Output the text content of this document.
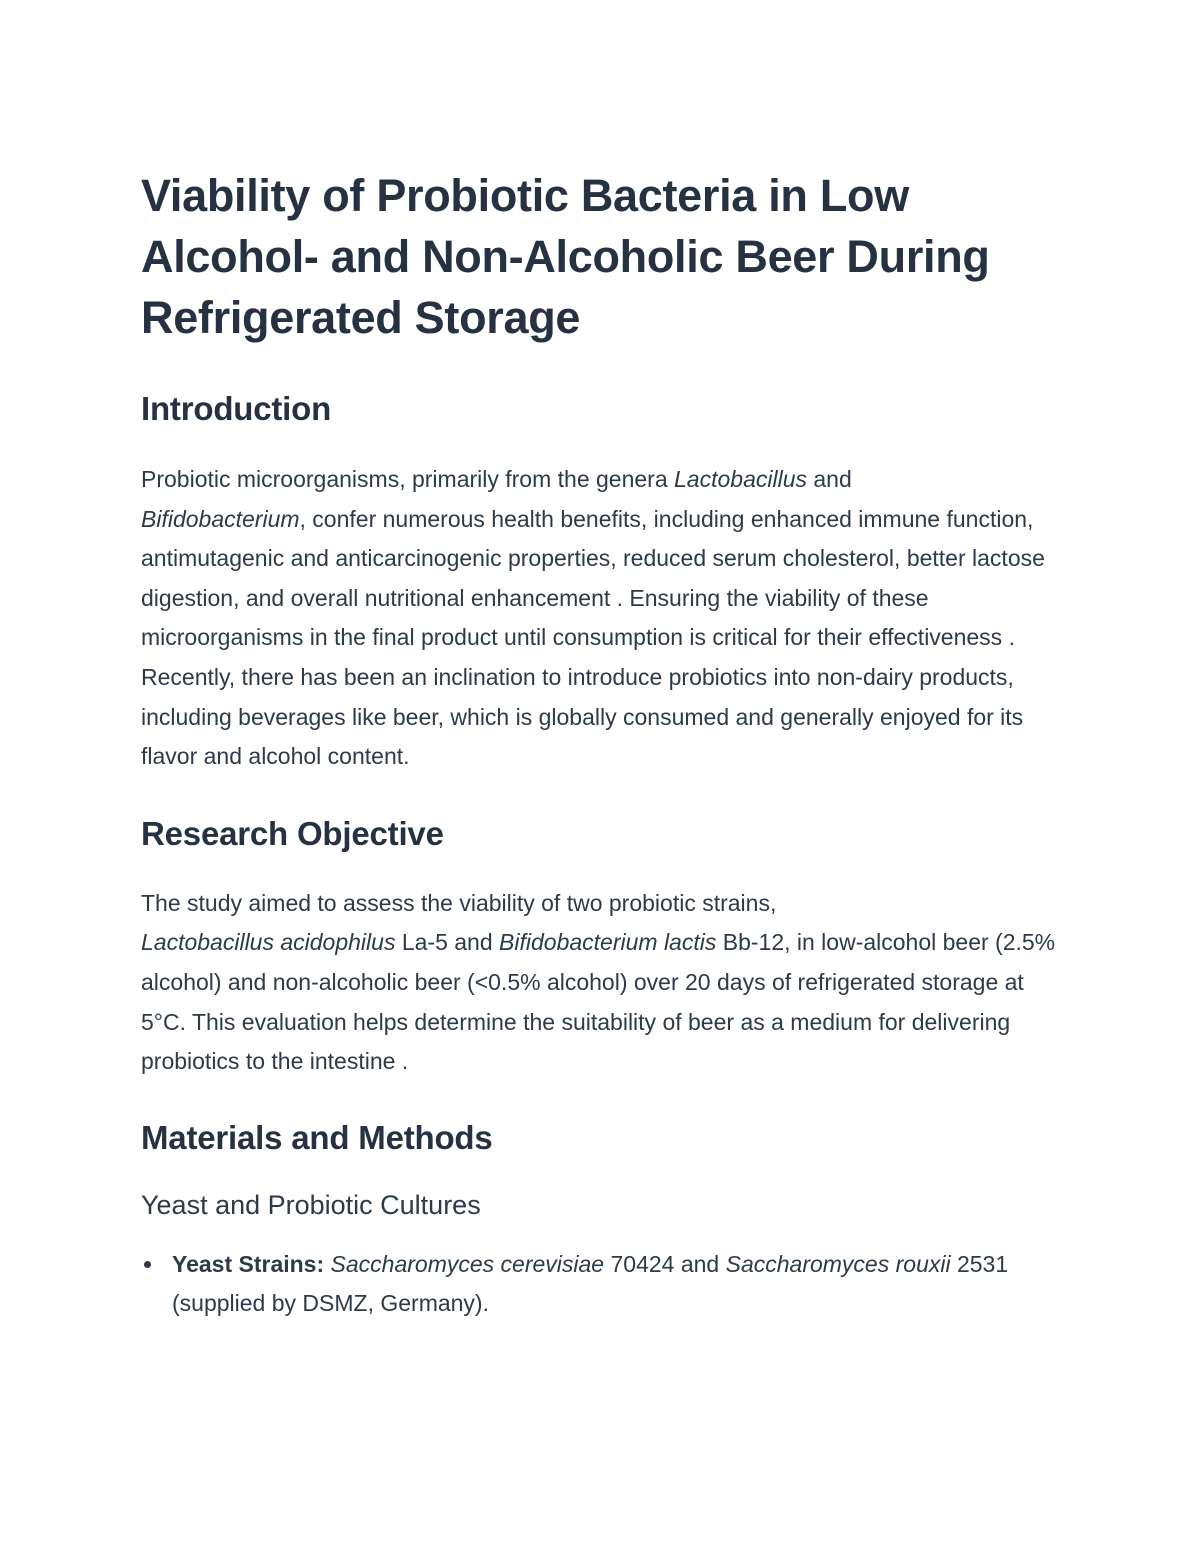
Viability of Probiotic Bacteria in Low Alcohol- and Non-Alcoholic Beer During Refrigerated Storage
Introduction

Probiotic microorganisms, primarily from the genera Lactobacillus and
Bifidobacterium, confer numerous health benefits, including enhanced immune function, antimutagenic and anticarcinogenic properties, reduced serum cholesterol, better lactose digestion, and overall nutritional enhancement . Ensuring the viability of these microorganisms in the final product until consumption is critical for their effectiveness . Recently, there has been an inclination to introduce probiotics into non-dairy products, including beverages like beer, which is globally consumed and generally enjoyed for its flavor and alcohol content.

Research Objective

The study aimed to assess the viability of two probiotic strains,
Lactobacillus acidophilus La-5 and Bifidobacterium lactis Bb-12, in low-alcohol beer (2.5% alcohol) and non-alcoholic beer (<0.5% alcohol) over 20 days of refrigerated storage at 5°C. This evaluation helps determine the suitability of beer as a medium for delivering probiotics to the intestine .

Materials and Methods
Yeast and Probiotic Cultures
Yeast Strains: Saccharomyces cerevisiae 70424 and Saccharomyces rouxii 2531 (supplied by DSMZ, Germany).
